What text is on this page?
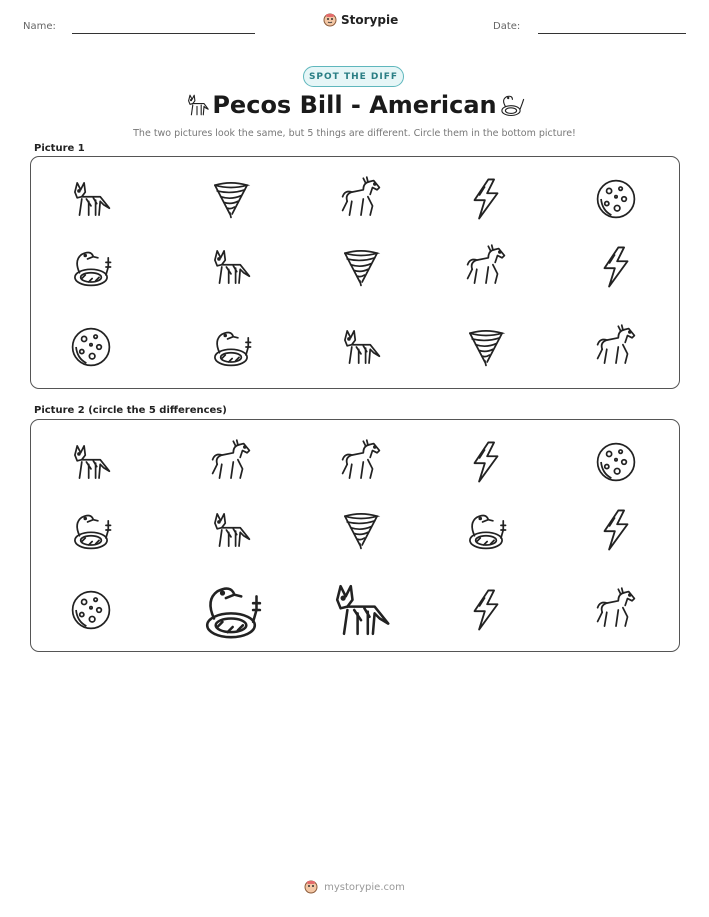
Name:	Storypie	Date:
SPOT THE DIFF
Pecos Bill - American
The two pictures look the same, but 5 things are different. Circle them in the bottom picture!
Picture 1
Picture 2 (circle the 5 differences)
mystorypie.com
